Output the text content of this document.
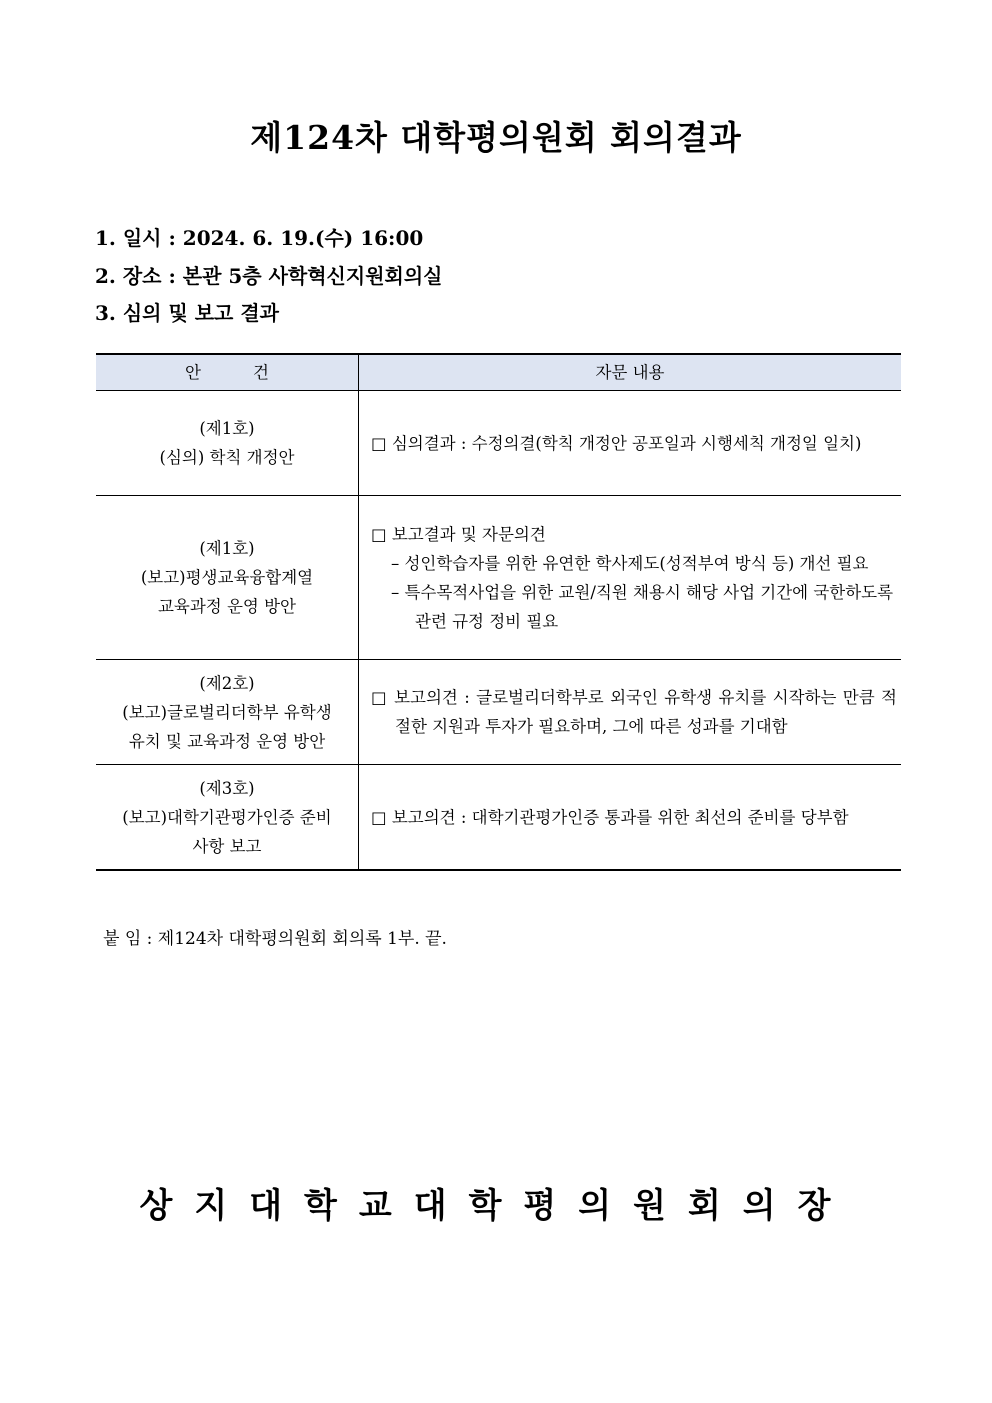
제124차 대학평의원회 회의결과
1. 일시 : 2024. 6. 19.(수) 16:00
2. 장소 : 본관 5층 사학혁신지원회의실
3. 심의 및 보고 결과
안 건	자문 내용

(제1호)
(심의) 학칙 개정안	□ 심의결과 : 수정의결(학칙 개정안 공포일과 시행세칙 개정일 일치)

(제1호)
(보고)평생교육융합계열
교육과정 운영 방안	□ 보고결과 및 자문의견
– 성인학습자를 위한 유연한 학사제도(성적부여 방식 등) 개선 필요
– 특수목적사업을 위한 교원/직원 채용시 해당 사업 기간에 국한하도록 관련 규정 정비 필요

(제2호)
(보고)글로벌리더학부 유학생
유치 및 교육과정 운영 방안	□ 보고의견 : 글로벌리더학부로 외국인 유학생 유치를 시작하는 만큼 적절한 지원과 투자가 필요하며, 그에 따른 성과를 기대함

(제3호)
(보고)대학기관평가인증 준비
사항 보고	□ 보고의견 : 대학기관평가인증 통과를 위한 최선의 준비를 당부함
붙 임 : 제124차 대학평의원회 회의록 1부. 끝.
상지대학교대학평의원회의장
